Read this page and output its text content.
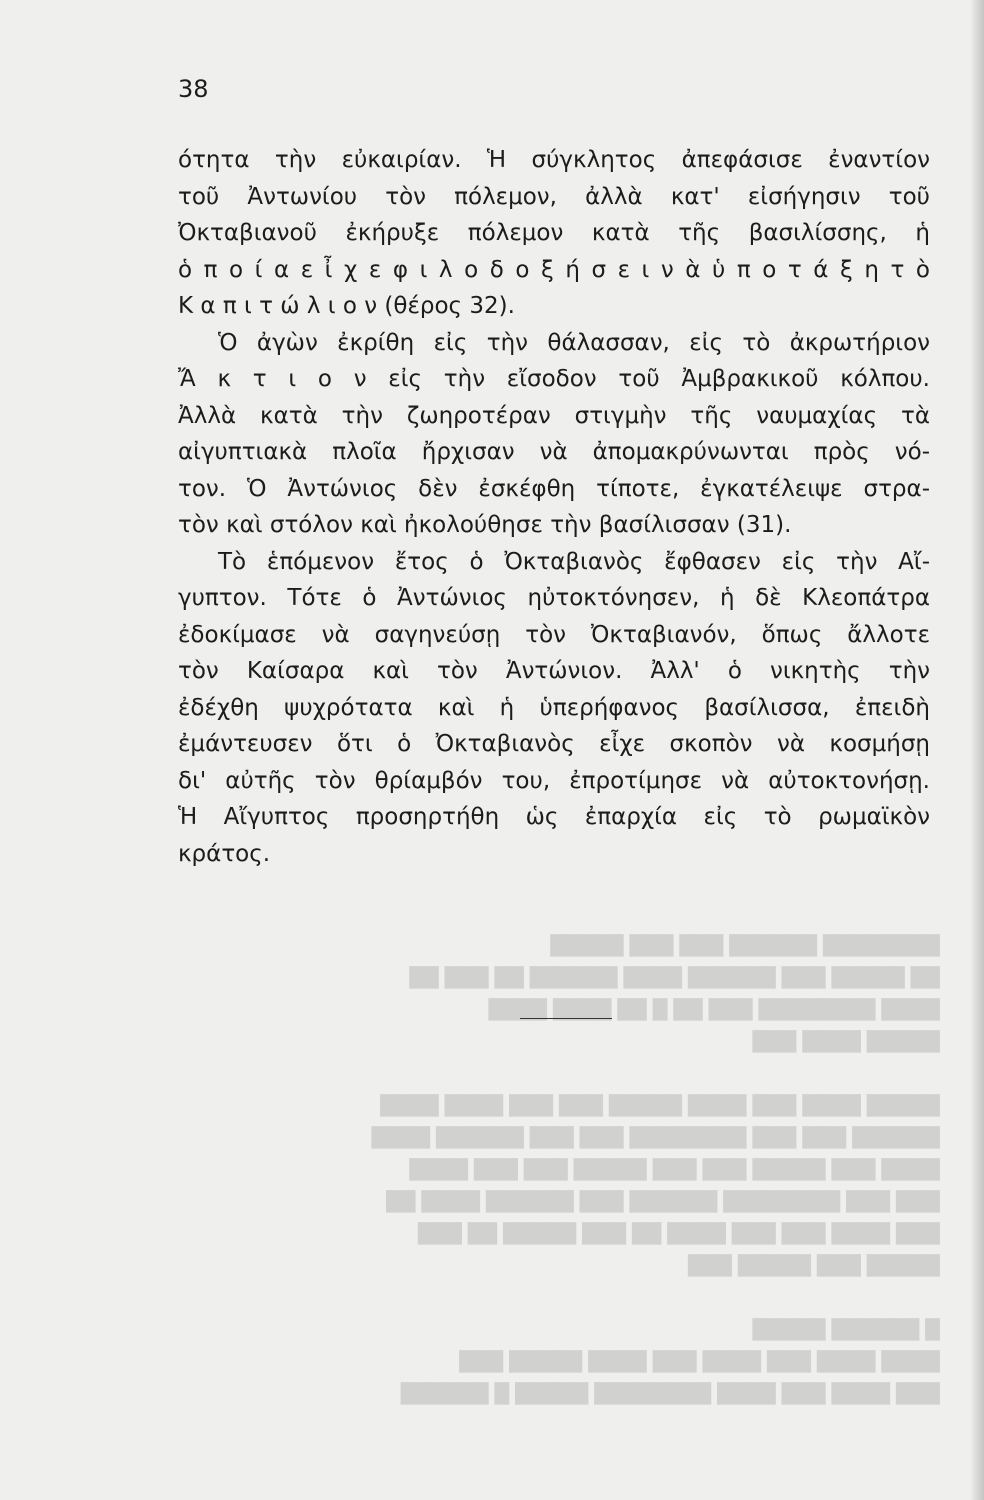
████████ ██████ ███ ███ █████
██ █████ ███ ██████ ████ ██████ ██ ███ ██
████ ████████ ███ ██ █ ██ ████ ████
█████ ████ ███
█████ ████ ███ ████ █████ ███ ███ ████ ████
██████ ███ ███ ████████ ███ ███ ██████ ████
████ ███ █████ ███ ███ █████ ███ ███ ████
███ ███ ████████ ██████ ███ ██████ ████ ██
███ ████ ███ ███ ████ ██ ███ █████ ██ ███
█████ ███ █████ ███
█ ██████ █████
████ ████ ███ ████ ███ ████ █████ ███
███ ████ ███ ████ ████████ █████ █ ██████
38
ότητα τὴν εὐκαιρίαν. Ἡ σύγκλητος ἀπεφάσισε ἐναντίον
τοῦ Ἀντωνίου τὸν πόλεμον, ἀλλὰ κατ' εἰσήγησιν τοῦ
Ὀκταβιανοῦ ἐκήρυξε πόλεμον κατὰ τῆς βασιλίσσης, ἡ
ὁ π ο ί α ε ἶ χ ε φ ι λ ο δ ο ξ ή σ ε ι ν ὰ ὑ π ο τ ά ξ η τ ὸ
Κ α π ι τ ώ λ ι ο ν (θέρος 32).
Ὁ ἀγὼν ἐκρίθη εἰς τὴν θάλασσαν, εἰς τὸ ἀκρωτήριον
Ἄ κ τ ι ο ν εἰς τὴν εἴσοδον τοῦ Ἀμβρακικοῦ κόλπου.
Ἀλλὰ κατὰ τὴν ζωηροτέραν στιγμὴν τῆς ναυμαχίας τὰ
αἰγυπτιακὰ πλοῖα ἤρχισαν νὰ ἀπομακρύνωνται πρὸς νό-
τον. Ὁ Ἀντώνιος δὲν ἐσκέφθη τίποτε, ἐγκατέλειψε στρα-
τὸν καὶ στόλον καὶ ἠκολούθησε τὴν βασίλισσαν (31).
Τὸ ἑπόμενον ἔτος ὁ Ὀκταβιανὸς ἔφθασεν εἰς τὴν Αἴ-
γυπτον. Τότε ὁ Ἀντώνιος ηὐτοκτόνησεν, ἡ δὲ Κλεοπάτρα
ἐδοκίμασε νὰ σαγηνεύσῃ τὸν Ὀκταβιανόν, ὅπως ἄλλοτε
τὸν Καίσαρα καὶ τὸν Ἀντώνιον. Ἀλλ' ὁ νικητὴς τὴν
ἐδέχθη ψυχρότατα καὶ ἡ ὑπερήφανος βασίλισσα, ἐπειδὴ
ἐμάντευσεν ὅτι ὁ Ὀκταβιανὸς εἶχε σκοπὸν νὰ κοσμήσῃ
δι' αὐτῆς τὸν θρίαμβόν του, ἐπροτίμησε νὰ αὐτοκτονήσῃ.
Ἡ Αἴγυπτος προσηρτήθη ὡς ἐπαρχία εἰς τὸ ρωμαϊκὸν
κράτος.
